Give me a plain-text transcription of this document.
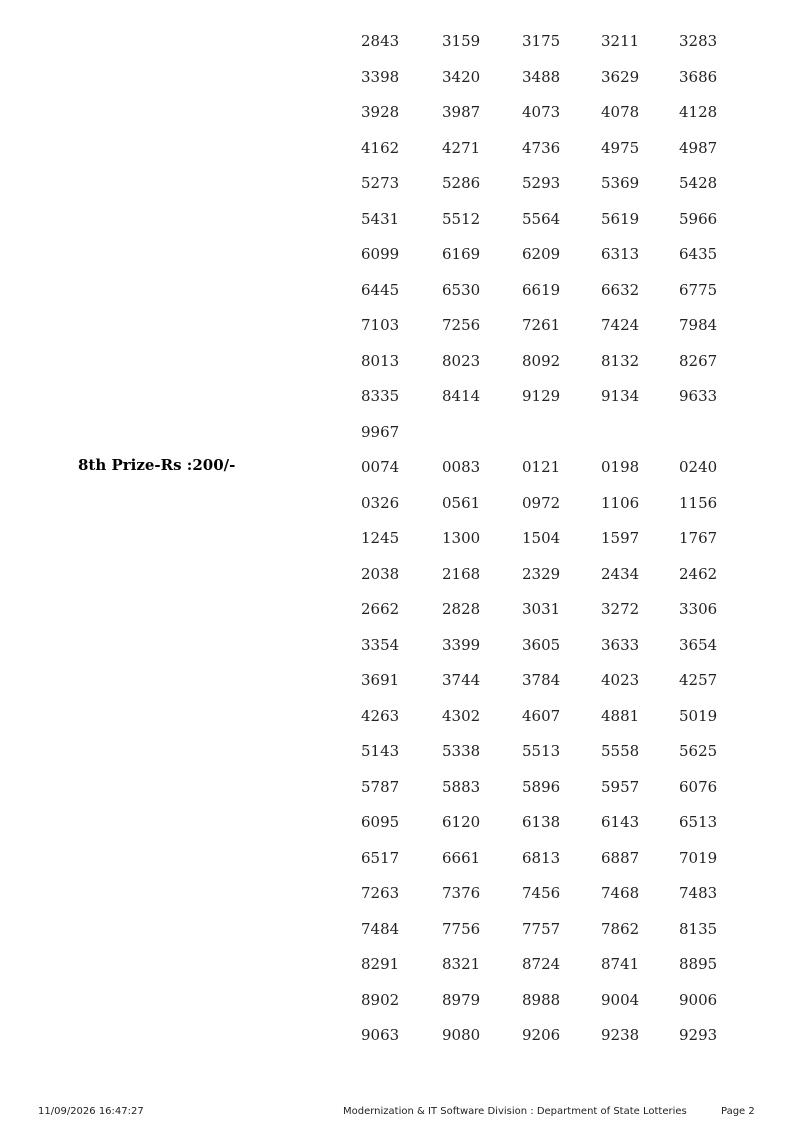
2843	3159	3175	3211	3283
3398	3420	3488	3629	3686
3928	3987	4073	4078	4128
4162	4271	4736	4975	4987
5273	5286	5293	5369	5428
5431	5512	5564	5619	5966
6099	6169	6209	6313	6435
6445	6530	6619	6632	6775
7103	7256	7261	7424	7984
8013	8023	8092	8132	8267
8335	8414	9129	9134	9633
9967
0074	0083	0121	0198	0240
8th Prize-Rs :200/-
0326	0561	0972	1106	1156
1245	1300	1504	1597	1767
2038	2168	2329	2434	2462
2662	2828	3031	3272	3306
3354	3399	3605	3633	3654
3691	3744	3784	4023	4257
4263	4302	4607	4881	5019
5143	5338	5513	5558	5625
5787	5883	5896	5957	6076
6095	6120	6138	6143	6513
6517	6661	6813	6887	7019
7263	7376	7456	7468	7483
7484	7756	7757	7862	8135
8291	8321	8724	8741	8895
8902	8979	8988	9004	9006
9063	9080	9206	9238	9293
11/09/2026 16:47:27	Modernization & IT Software Division : Department of State Lotteries	Page 2
